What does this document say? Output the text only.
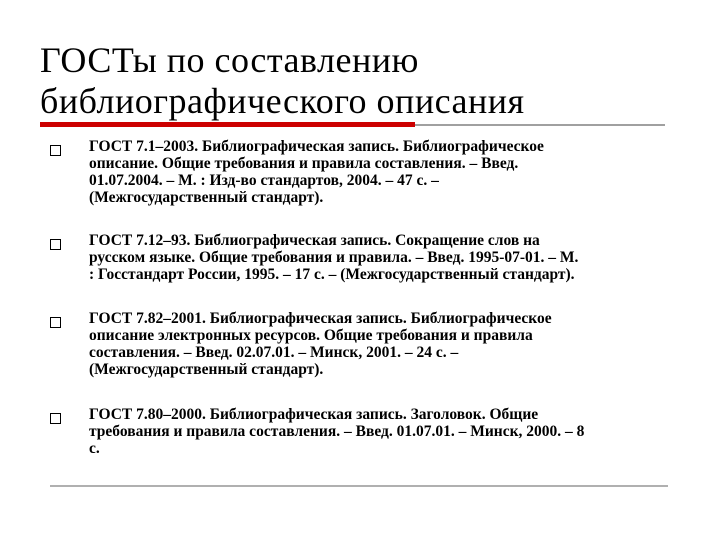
ГОСТы по составлению
библиографического описания
ГОСТ 7.1–2003. Библиографическая запись. Библиографическое
описание. Общие требования и правила составления. – Введ.
01.07.2004. – М. : Изд-во стандартов, 2004. – 47 с. –
(Межгосударственный стандарт).
ГОСТ 7.12–93. Библиографическая запись. Сокращение слов на
русском языке. Общие требования и правила. – Введ. 1995-07-01. – М.
: Госстандарт России, 1995. – 17 с. – (Межгосударственный стандарт).
ГОСТ 7.82–2001. Библиографическая запись. Библиографическое
описание электронных ресурсов. Общие требования и правила
составления. – Введ. 02.07.01. – Минск, 2001. – 24 с. –
(Межгосударственный стандарт).
ГОСТ 7.80–2000. Библиографическая запись. Заголовок. Общие
требования и правила составления. – Введ. 01.07.01. – Минск, 2000. – 8
с.
